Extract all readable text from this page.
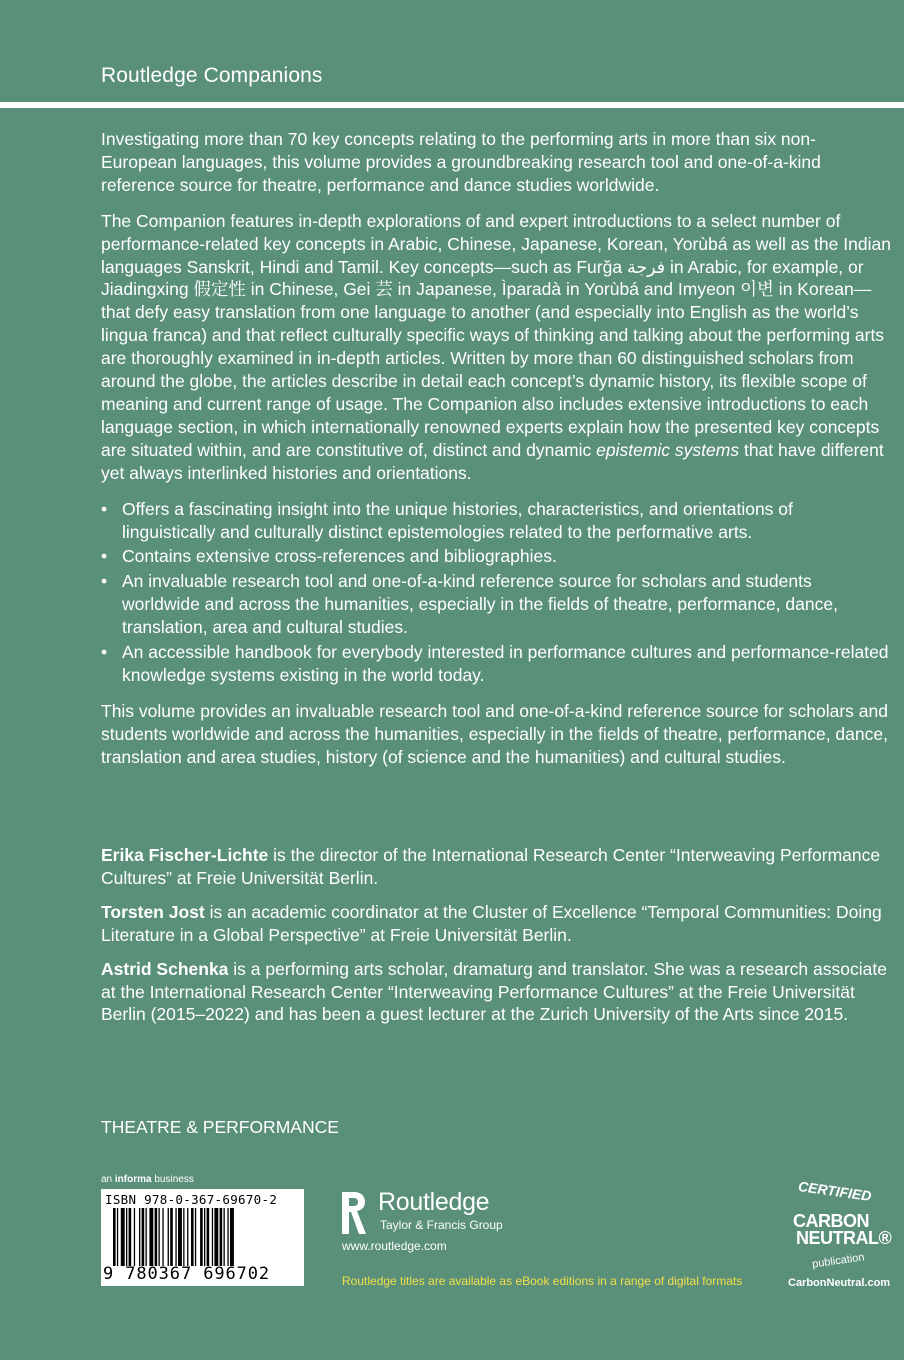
Routledge Companions

Investigating more than 70 key concepts relating to the performing arts in more than six non-European languages, this volume provides a groundbreaking research tool and one-of-a-kind reference source for theatre, performance and dance studies worldwide.

The Companion features in-depth explorations of and expert introductions to a select number of performance-related key concepts in Arabic, Chinese, Japanese, Korean, Yorùbá as well as the Indian languages Sanskrit, Hindi and Tamil. Key concepts—such as Furğa فرجة in Arabic, for example, or Jiadingxing 假定性 in Chinese, Gei 芸 in Japanese, Ìparadà in Yorùbá and Imyeon 이변 in Korean—that defy easy translation from one language to another (and especially into English as the world’s lingua franca) and that reflect culturally specific ways of thinking and talking about the performing arts are thoroughly examined in in-depth articles. Written by more than 60 distinguished scholars from around the globe, the articles describe in detail each concept’s dynamic history, its flexible scope of meaning and current range of usage. The Companion also includes extensive introductions to each language section, in which internationally renowned experts explain how the presented key concepts are situated within, and are constitutive of, distinct and dynamic epistemic systems that have different yet always interlinked histories and orientations.

• Offers a fascinating insight into the unique histories, characteristics, and orientations of linguistically and culturally distinct epistemologies related to the performative arts.
• Contains extensive cross-references and bibliographies.
• An invaluable research tool and one-of-a-kind reference source for scholars and students worldwide and across the humanities, especially in the fields of theatre, performance, dance, translation, area and cultural studies.
• An accessible handbook for everybody interested in performance cultures and performance-related knowledge systems existing in the world today.

This volume provides an invaluable research tool and one-of-a-kind reference source for scholars and students worldwide and across the humanities, especially in the fields of theatre, performance, dance, translation and area studies, history (of science and the humanities) and cultural studies.

Erika Fischer-Lichte is the director of the International Research Center “Interweaving Performance Cultures” at Freie Universität Berlin.

Torsten Jost is an academic coordinator at the Cluster of Excellence “Temporal Communities: Doing Literature in a Global Perspective” at Freie Universität Berlin.

Astrid Schenka is a performing arts scholar, dramaturg and translator. She was a research associate at the International Research Center “Interweaving Performance Cultures” at the Freie Universität Berlin (2015–2022) and has been a guest lecturer at the Zurich University of the Arts since 2015.

THEATRE & PERFORMANCE
an informa business
ISBN 978-0-367-69670-2
9 780367 696702
Routledge
Taylor & Francis Group
www.routledge.com
Routledge titles are available as eBook editions in a range of digital formats
CERTIFIED
CARBON
NEUTRAL®
publication
CarbonNeutral.com
